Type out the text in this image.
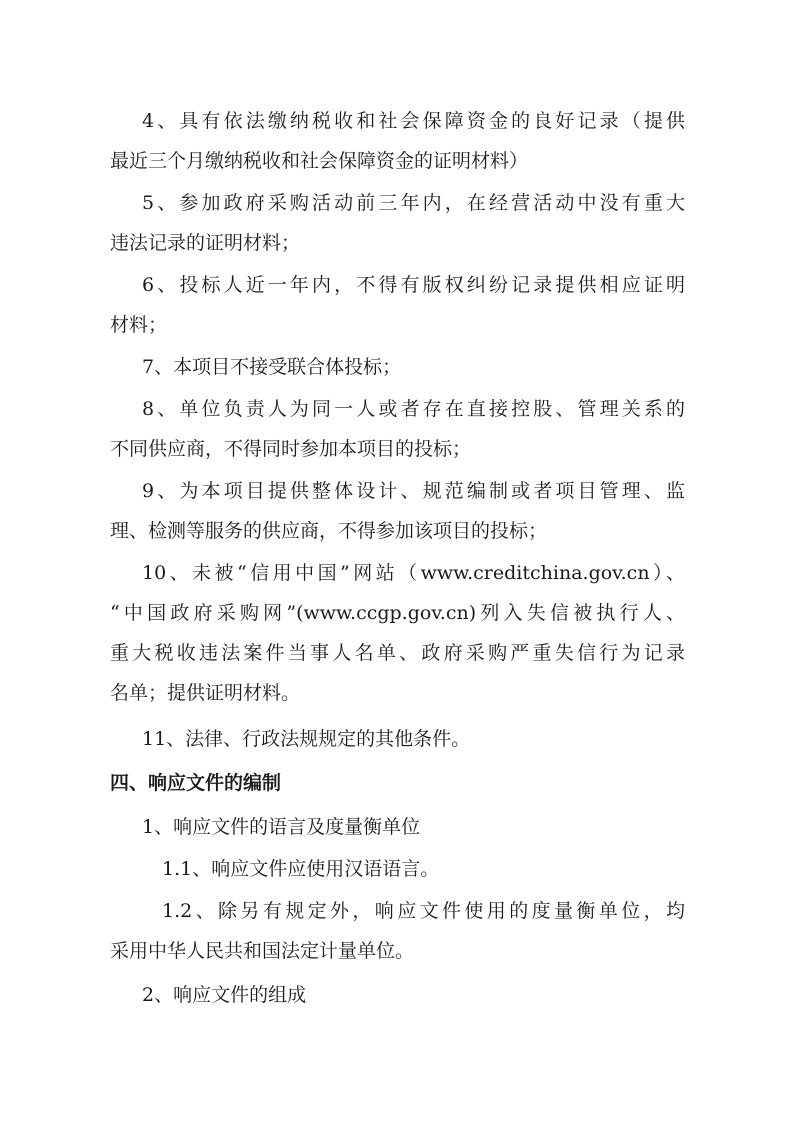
4、具有依法缴纳税收和社会保障资金的良好记录（提供
最近三个月缴纳税收和社会保障资金的证明材料）
5、参加政府采购活动前三年内，在经营活动中没有重大
违法记录的证明材料；
6、投标人近一年内，不得有版权纠纷记录提供相应证明
材料；
7、本项目不接受联合体投标；
8、单位负责人为同一人或者存在直接控股、管理关系的
不同供应商，不得同时参加本项目的投标；
9、为本项目提供整体设计、规范编制或者项目管理、监
理、检测等服务的供应商，不得参加该项目的投标；
10、未被“信用中国”网站（www.creditchina.gov.cn）、
“中国政府采购网”(www.ccgp.gov.cn)列入失信被执行人、
重大税收违法案件当事人名单、政府采购严重失信行为记录
名单；提供证明材料。
11、法律、行政法规规定的其他条件。
四、响应文件的编制
1、响应文件的语言及度量衡单位
1.1、响应文件应使用汉语语言。
1.2、除另有规定外，响应文件使用的度量衡单位，均
采用中华人民共和国法定计量单位。
2、响应文件的组成
